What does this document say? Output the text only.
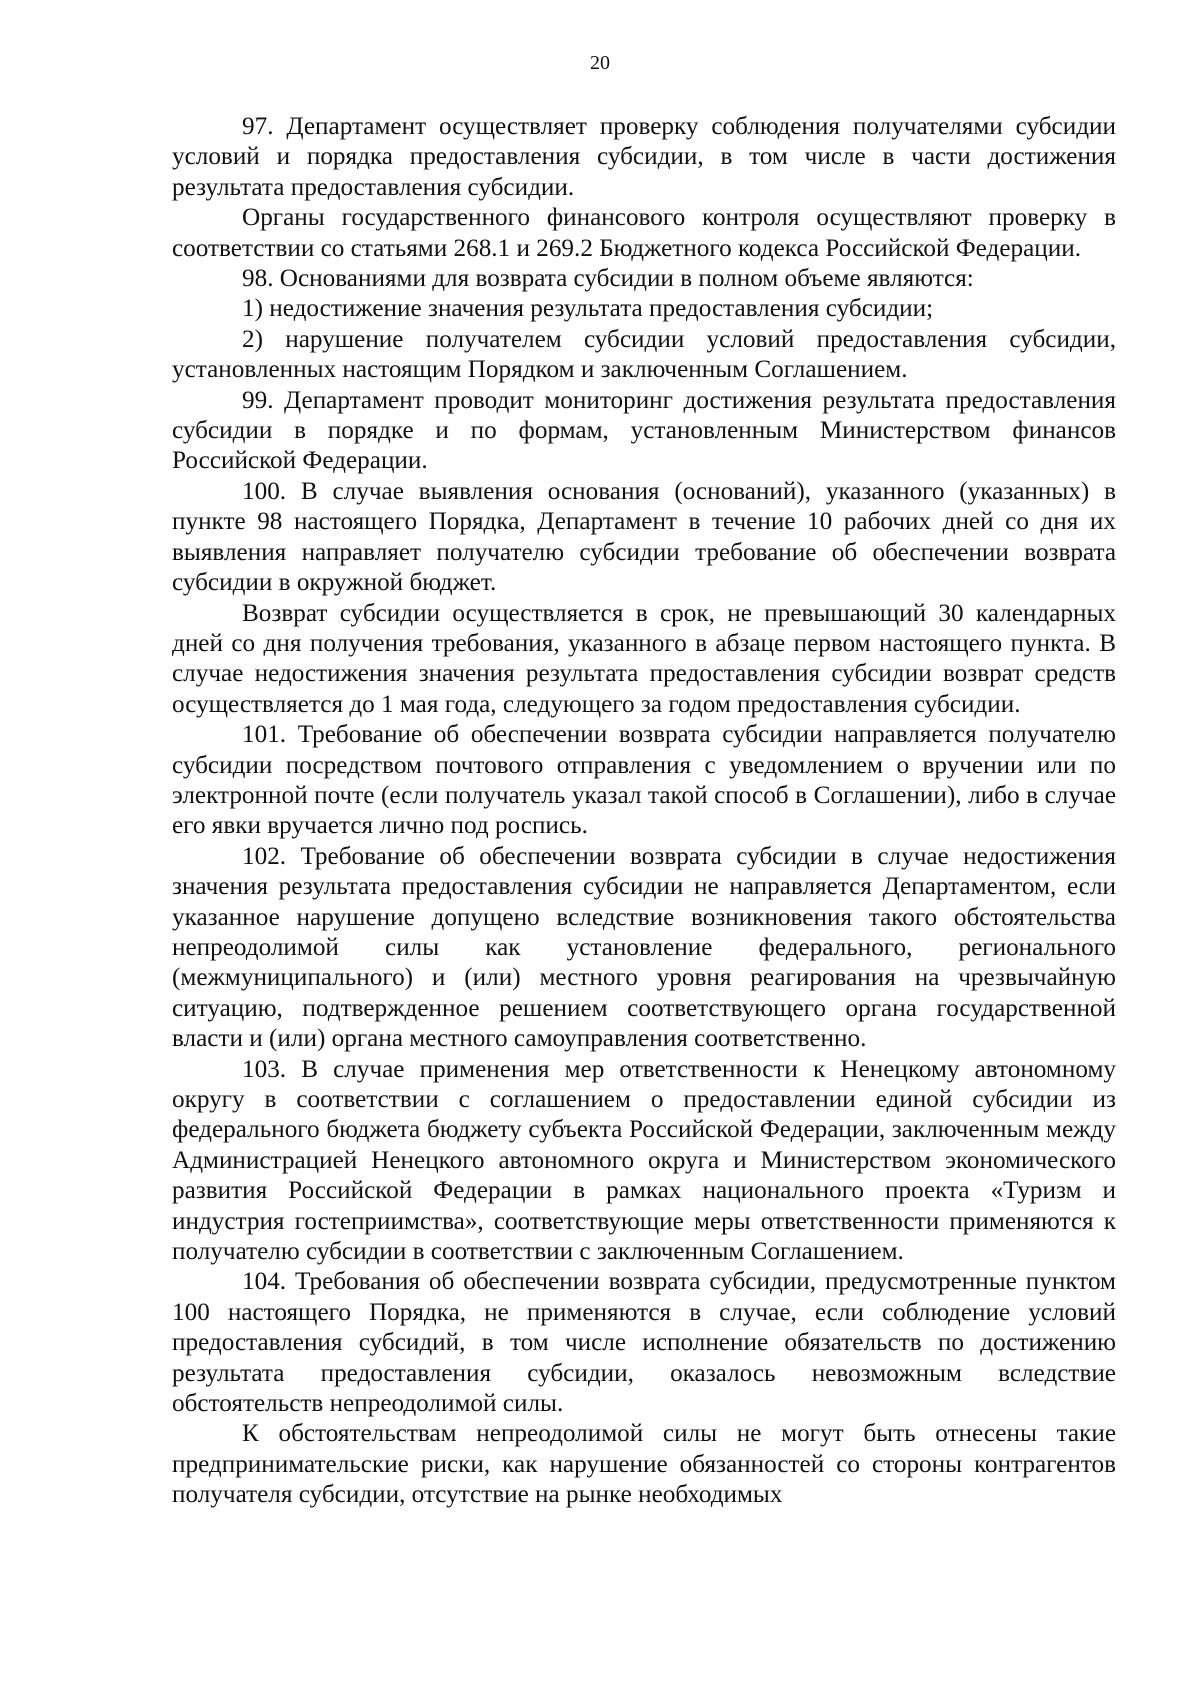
20

97. Департамент осуществляет проверку соблюдения получателями субсидии условий и порядка предоставления субсидии, в том числе в части достижения результата предоставления субсидии.

Органы государственного финансового контроля осуществляют проверку в соответствии со статьями 268.1 и 269.2 Бюджетного кодекса Российской Федерации.

98. Основаниями для возврата субсидии в полном объеме являются:

1) недостижение значения результата предоставления субсидии;

2) нарушение получателем субсидии условий предоставления субсидии, установленных настоящим Порядком и заключенным Соглашением.

99. Департамент проводит мониторинг достижения результата предоставления субсидии в порядке и по формам, установленным Министерством финансов Российской Федерации.

100. В случае выявления основания (оснований), указанного (указанных) в пункте 98 настоящего Порядка, Департамент в течение 10 рабочих дней со дня их выявления направляет получателю субсидии требование об обеспечении возврата субсидии в окружной бюджет.

Возврат субсидии осуществляется в срок, не превышающий 30 календарных дней со дня получения требования, указанного в абзаце первом настоящего пункта. В случае недостижения значения результата предоставления субсидии возврат средств осуществляется до 1 мая года, следующего за годом предоставления субсидии.

101. Требование об обеспечении возврата субсидии направляется получателю субсидии посредством почтового отправления с уведомлением о вручении или по электронной почте (если получатель указал такой способ в Соглашении), либо в случае его явки вручается лично под роспись.

102. Требование об обеспечении возврата субсидии в случае недостижения значения результата предоставления субсидии не направляется Департаментом, если указанное нарушение допущено вследствие возникновения такого обстоятельства непреодолимой силы как установление федерального, регионального (межмуниципального) и (или) местного уровня реагирования на чрезвычайную ситуацию, подтвержденное решением соответствующего органа государственной власти и (или) органа местного самоуправления соответственно.

103. В случае применения мер ответственности к Ненецкому автономному округу в соответствии с соглашением о предоставлении единой субсидии из федерального бюджета бюджету субъекта Российской Федерации, заключенным между Администрацией Ненецкого автономного округа и Министерством экономического развития Российской Федерации в рамках национального проекта «Туризм и индустрия гостеприимства», соответствующие меры ответственности применяются к получателю субсидии в соответствии с заключенным Соглашением.

104. Требования об обеспечении возврата субсидии, предусмотренные пунктом 100 настоящего Порядка, не применяются в случае, если соблюдение условий предоставления субсидий, в том числе исполнение обязательств по достижению результата предоставления субсидии, оказалось невозможным вследствие обстоятельств непреодолимой силы.

К обстоятельствам непреодолимой силы не могут быть отнесены такие предпринимательские риски, как нарушение обязанностей со стороны контрагентов получателя субсидии, отсутствие на рынке необходимых
